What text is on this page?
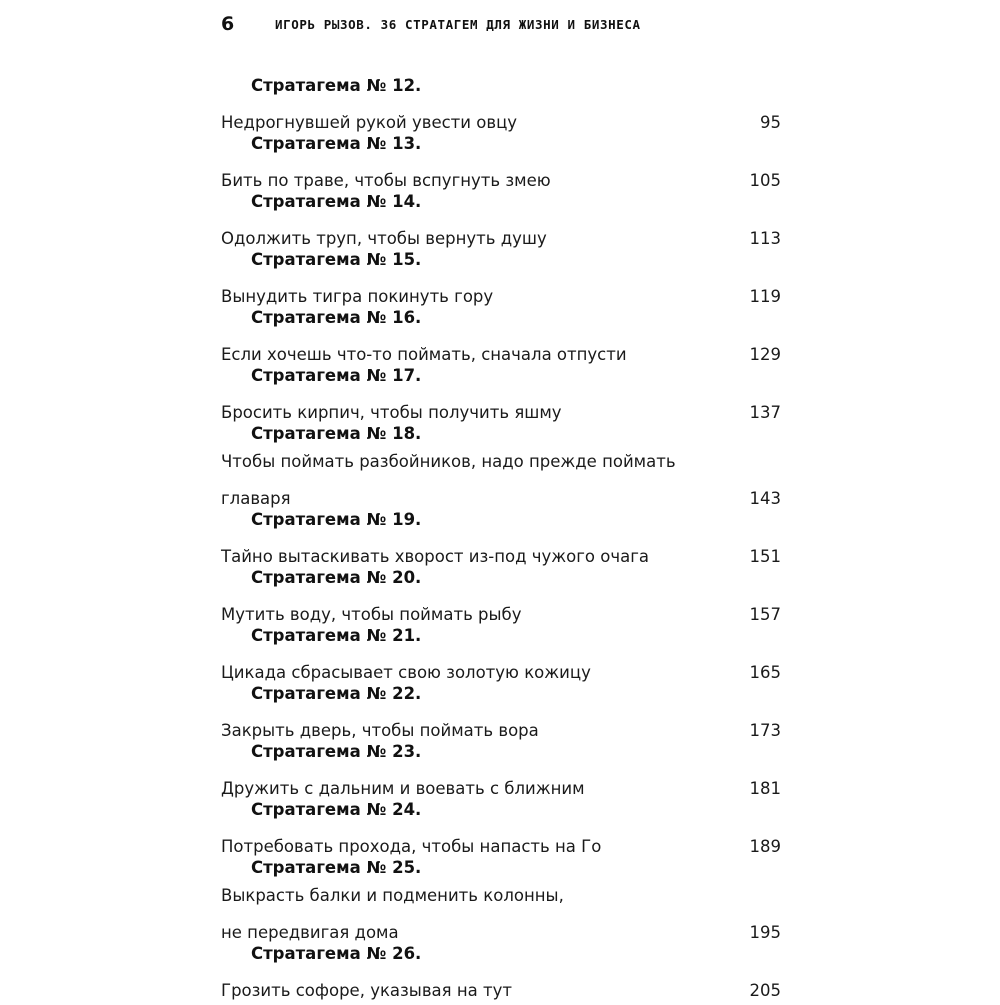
6	ИГОРЬ РЫЗОВ. 36 СТРАТАГЕМ ДЛЯ ЖИЗНИ И БИЗНЕСА
Стратагема № 12.
Недрогнувшей рукой увести овцу	95
Стратагема № 13.
Бить по траве, чтобы вспугнуть змею	105
Стратагема № 14.
Одолжить труп, чтобы вернуть душу	113
Стратагема № 15.
Вынудить тигра покинуть гору	119
Стратагема № 16.
Если хочешь что-то поймать, сначала отпусти	129
Стратагема № 17.
Бросить кирпич, чтобы получить яшму	137
Стратагема № 18.
Чтобы поймать разбойников, надо прежде поймать
главаря	143
Стратагема № 19.
Тайно вытаскивать хворост из-под чужого очага	151
Стратагема № 20.
Мутить воду, чтобы поймать рыбу	157
Стратагема № 21.
Цикада сбрасывает свою золотую кожицу	165
Стратагема № 22.
Закрыть дверь, чтобы поймать вора	173
Стратагема № 23.
Дружить с дальним и воевать с ближним	181
Стратагема № 24.
Потребовать прохода, чтобы напасть на Го	189
Стратагема № 25.
Выкрасть балки и подменить колонны,
не передвигая дома	195
Стратагема № 26.
Грозить софоре, указывая на тут	205
